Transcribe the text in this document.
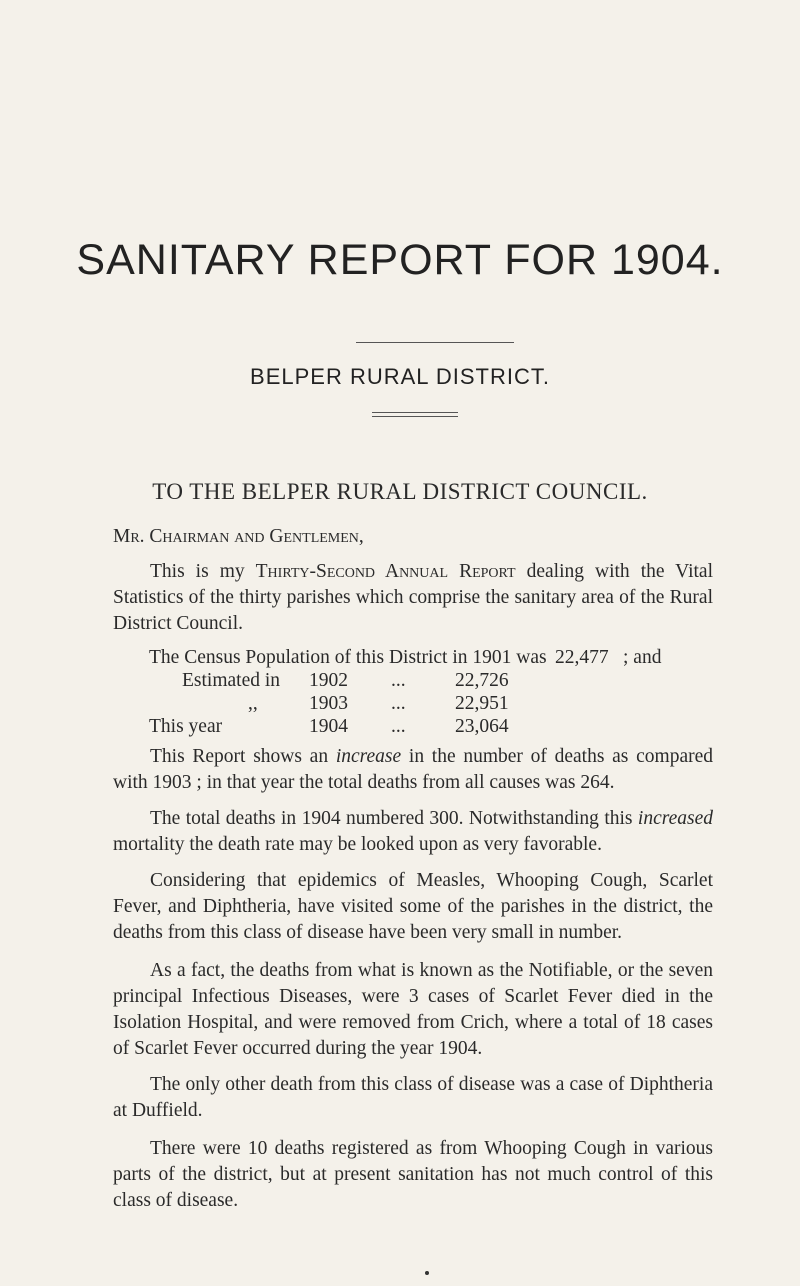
SANITARY REPORT FOR 1904.
BELPER RURAL DISTRICT.
TO THE BELPER RURAL DISTRICT COUNCIL.
Mr. Chairman and Gentlemen,

This is my Thirty-Second Annual Report dealing with the Vital Statistics of the thirty parishes which comprise the sanitary area of the Rural District Council.

The Census Population of this District in 1901 was 22,477 ; and
Estimated in 1902 ...	22,726
,,	1903 ...	22,951
This year	1904 ...	23,064

This Report shows an increase in the number of deaths as compared with 1903 ; in that year the total deaths from all causes was 264.

The total deaths in 1904 numbered 300. Notwithstanding this increased mortality the death rate may be looked upon as very favorable.

Considering that epidemics of Measles, Whooping Cough, Scarlet Fever, and Diphtheria, have visited some of the parishes in the district, the deaths from this class of disease have been very small in number.

As a fact, the deaths from what is known as the Notifiable, or the seven principal Infectious Diseases, were 3 cases of Scarlet Fever died in the Isolation Hospital, and were removed from Crich, where a total of 18 cases of Scarlet Fever occurred during the year 1904.

The only other death from this class of disease was a case of Diphtheria at Duffield.

There were 10 deaths registered as from Whooping Cough in various parts of the district, but at present sanitation has not much control of this class of disease.
